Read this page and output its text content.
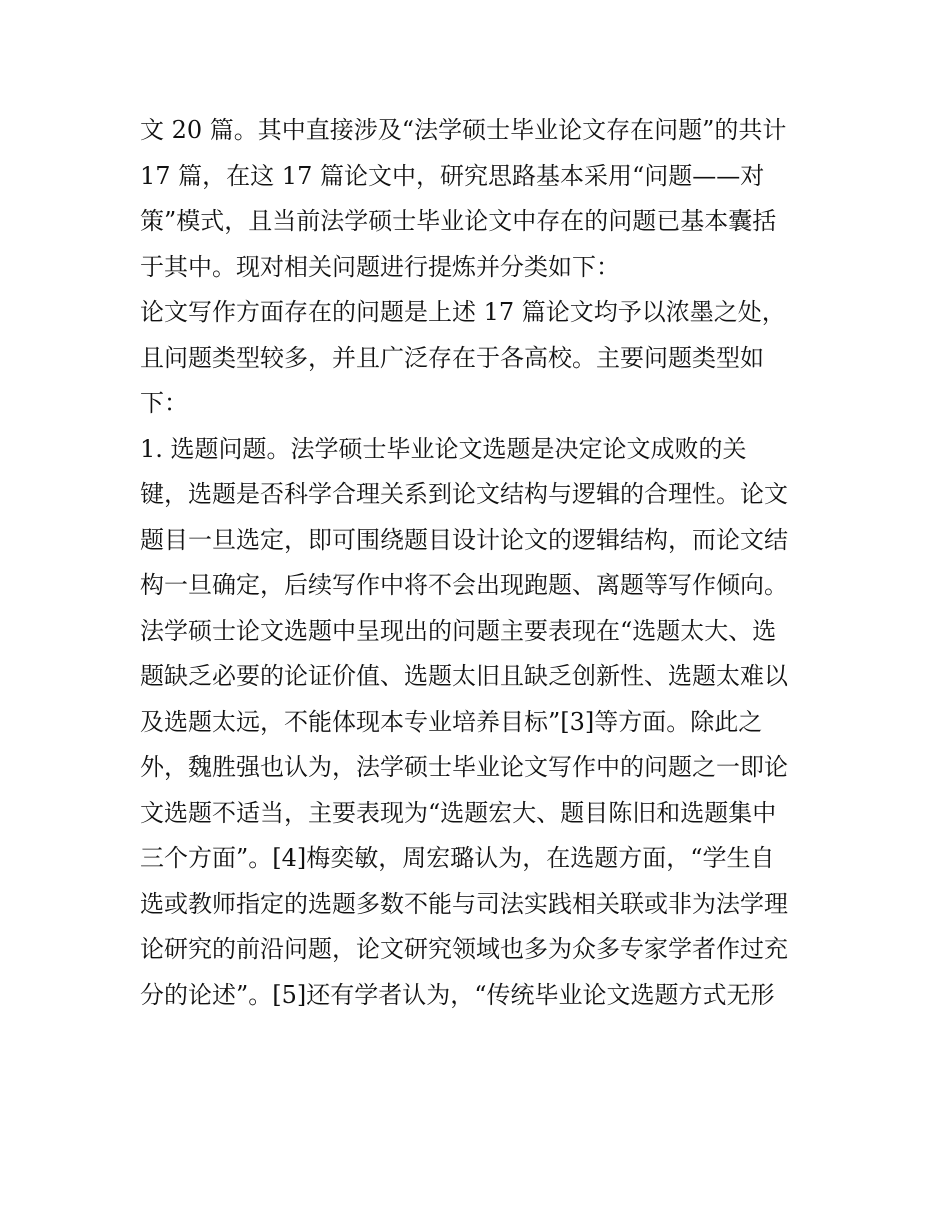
文 20 篇。其中直接涉及“法学硕士毕业论文存在问题”的共计
17 篇，在这 17 篇论文中，研究思路基本采用“问题——对
策”模式，且当前法学硕士毕业论文中存在的问题已基本囊括
于其中。现对相关问题进行提炼并分类如下：
论文写作方面存在的问题是上述 17 篇论文均予以浓墨之处，
且问题类型较多，并且广泛存在于各高校。主要问题类型如
下：
1. 选题问题。法学硕士毕业论文选题是决定论文成败的关
键，选题是否科学合理关系到论文结构与逻辑的合理性。论文
题目一旦选定，即可围绕题目设计论文的逻辑结构，而论文结
构一旦确定，后续写作中将不会出现跑题、离题等写作倾向。
法学硕士论文选题中呈现出的问题主要表现在“选题太大、选
题缺乏必要的论证价值、选题太旧且缺乏创新性、选题太难以
及选题太远，不能体现本专业培养目标”[3]等方面。除此之
外，魏胜强也认为，法学硕士毕业论文写作中的问题之一即论
文选题不适当，主要表现为“选题宏大、题目陈旧和选题集中
三个方面”。[4]梅奕敏，周宏璐认为，在选题方面，“学生自
选或教师指定的选题多数不能与司法实践相关联或非为法学理
论研究的前沿问题，论文研究领域也多为众多专家学者作过充
分的论述”。[5]还有学者认为，“传统毕业论文选题方式无形
